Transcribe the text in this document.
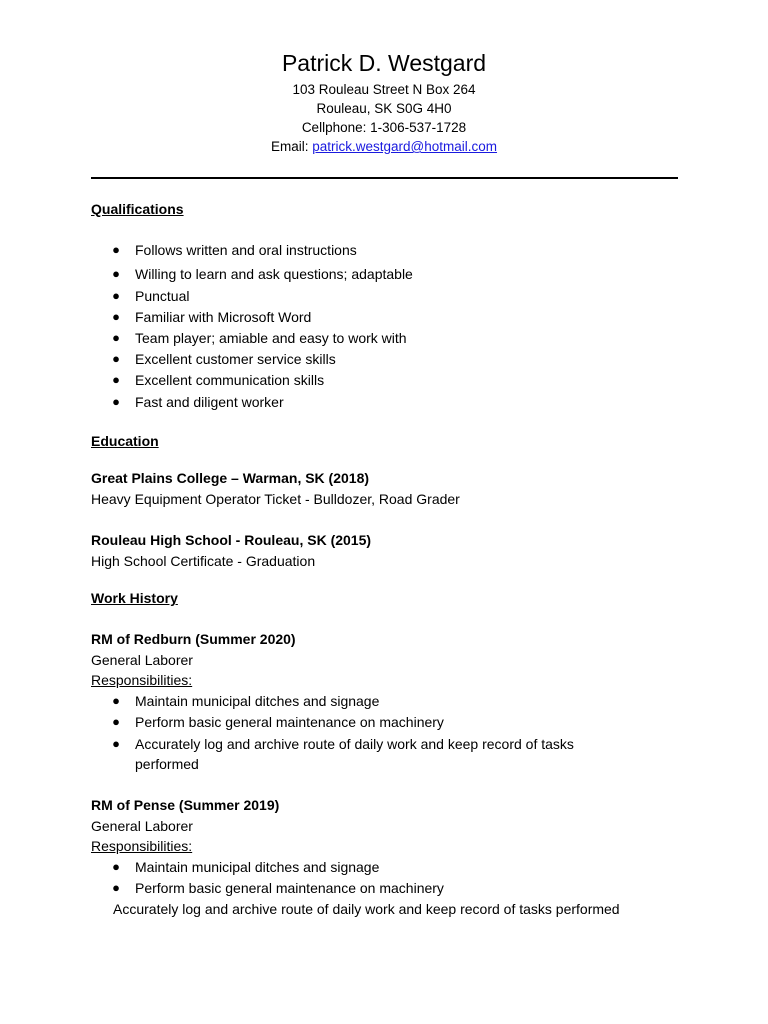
Patrick D. Westgard
103 Rouleau Street N Box 264
Rouleau, SK S0G 4H0
Cellphone: 1-306-537-1728
Email: patrick.westgard@hotmail.com
Qualifications
● Follows written and oral instructions
● Willing to learn and ask questions; adaptable
● Punctual
● Familiar with Microsoft Word
● Team player; amiable and easy to work with
● Excellent customer service skills
● Excellent communication skills
● Fast and diligent worker
Education
Great Plains College – Warman, SK (2018)
Heavy Equipment Operator Ticket - Bulldozer, Road Grader
Rouleau High School - Rouleau, SK (2015)
High School Certificate - Graduation
Work History
RM of Redburn (Summer 2020)
General Laborer
Responsibilities:
● Maintain municipal ditches and signage
● Perform basic general maintenance on machinery
● Accurately log and archive route of daily work and keep record of tasks
performed
RM of Pense (Summer 2019)
General Laborer
Responsibilities:
● Maintain municipal ditches and signage
● Perform basic general maintenance on machinery
Accurately log and archive route of daily work and keep record of tasks performed
